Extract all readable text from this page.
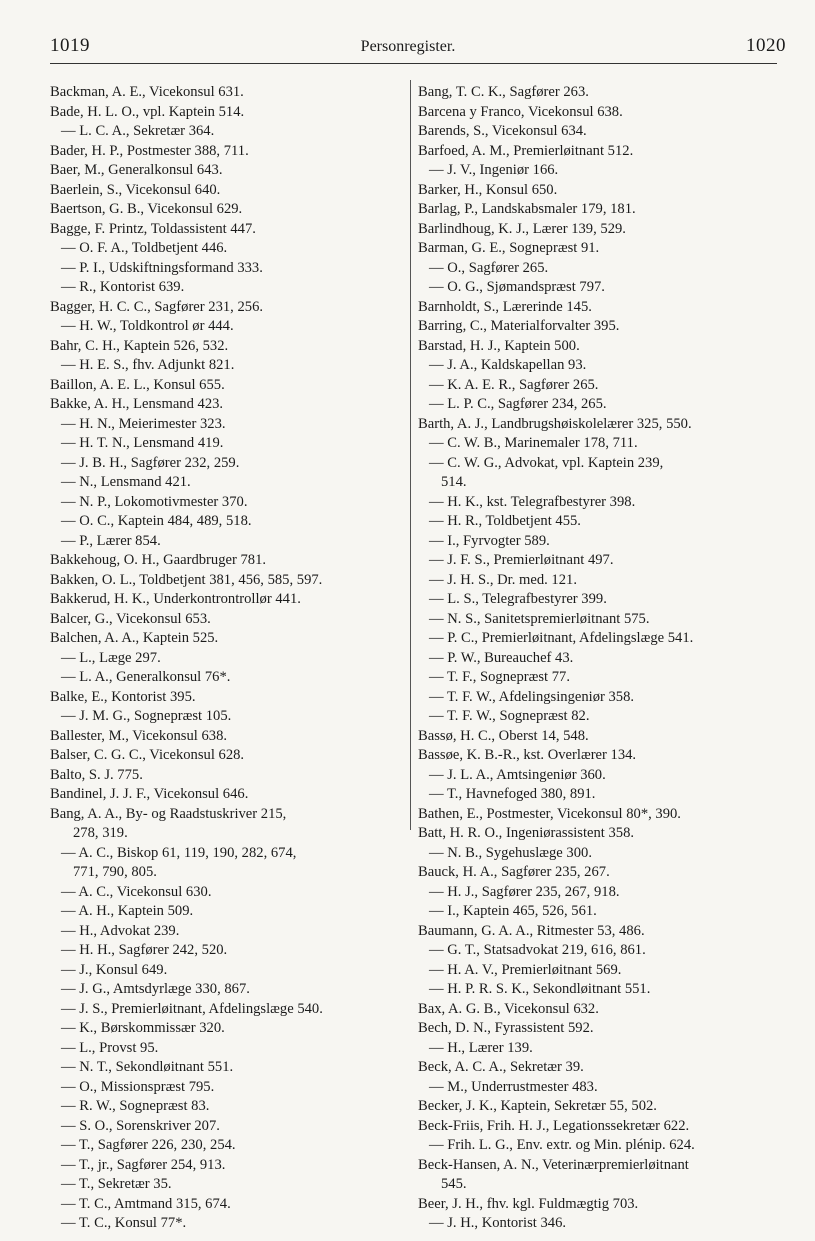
1019	Personregister.	1020
Backman, A. E., Vicekonsul 631.
Bade, H. L. O., vpl. Kaptein 514.
— L. C. A., Sekretær 364.
Bader, H. P., Postmester 388, 711.
Baer, M., Generalkonsul 643.
Baerlein, S., Vicekonsul 640.
Baertson, G. B., Vicekonsul 629.
Bagge, F. Printz, Toldassistent 447.
— O. F. A., Toldbetjent 446.
— P. I., Udskiftningsformand 333.
— R., Kontorist 639.
Bagger, H. C. C., Sagfører 231, 256.
— H. W., Toldkontrol ør 444.
Bahr, C. H., Kaptein 526, 532.
— H. E. S., fhv. Adjunkt 821.
Baillon, A. E. L., Konsul 655.
Bakke, A. H., Lensmand 423.
— H. N., Meierimester 323.
— H. T. N., Lensmand 419.
— J. B. H., Sagfører 232, 259.
— N., Lensmand 421.
— N. P., Lokomotivmester 370.
— O. C., Kaptein 484, 489, 518.
— P., Lærer 854.
Bakkehoug, O. H., Gaardbruger 781.
Bakken, O. L., Toldbetjent 381, 456, 585, 597.
Bakkerud, H. K., Underkontrontrollør 441.
Balcer, G., Vicekonsul 653.
Balchen, A. A., Kaptein 525.
— L., Læge 297.
— L. A., Generalkonsul 76*.
Balke, E., Kontorist 395.
— J. M. G., Sognepræst 105.
Ballester, M., Vicekonsul 638.
Balser, C. G. C., Vicekonsul 628.
Balto, S. J. 775.
Bandinel, J. J. F., Vicekonsul 646.
Bang, A. A., By- og Raadstuskriver 215,
278, 319.
— A. C., Biskop 61, 119, 190, 282, 674,
771, 790, 805.
— A. C., Vicekonsul 630.
— A. H., Kaptein 509.
— H., Advokat 239.
— H. H., Sagfører 242, 520.
— J., Konsul 649.
— J. G., Amtsdyrlæge 330, 867.
— J. S., Premierløitnant, Afdelingslæge 540.
— K., Børskommissær 320.
— L., Provst 95.
— N. T., Sekondløitnant 551.
— O., Missionspræst 795.
— R. W., Sognepræst 83.
— S. O., Sorenskriver 207.
— T., Sagfører 226, 230, 254.
— T., jr., Sagfører 254, 913.
— T., Sekretær 35.
— T. C., Amtmand 315, 674.
— T. C., Konsul 77*.
Bang, T. C. K., Sagfører 263.
Barcena y Franco, Vicekonsul 638.
Barends, S., Vicekonsul 634.
Barfoed, A. M., Premierløitnant 512.
— J. V., Ingeniør 166.
Barker, H., Konsul 650.
Barlag, P., Landskabsmaler 179, 181.
Barlindhoug, K. J., Lærer 139, 529.
Barman, G. E., Sognepræst 91.
— O., Sagfører 265.
— O. G., Sjømandspræst 797.
Barnholdt, S., Lærerinde 145.
Barring, C., Materialforvalter 395.
Barstad, H. J., Kaptein 500.
— J. A., Kaldskapellan 93.
— K. A. E. R., Sagfører 265.
— L. P. C., Sagfører 234, 265.
Barth, A. J., Landbrugshøiskolelærer 325, 550.
— C. W. B., Marinemaler 178, 711.
— C. W. G., Advokat, vpl. Kaptein 239,
514.
— H. K., kst. Telegrafbestyrer 398.
— H. R., Toldbetjent 455.
— I., Fyrvogter 589.
— J. F. S., Premierløitnant 497.
— J. H. S., Dr. med. 121.
— L. S., Telegrafbestyrer 399.
— N. S., Sanitetspremierløitnant 575.
— P. C., Premierløitnant, Afdelingslæge 541.
— P. W., Bureauchef 43.
— T. F., Sognepræst 77.
— T. F. W., Afdelingsingeniør 358.
— T. F. W., Sognepræst 82.
Bassø, H. C., Oberst 14, 548.
Bassøe, K. B.-R., kst. Overlærer 134.
— J. L. A., Amtsingeniør 360.
— T., Havnefoged 380, 891.
Bathen, E., Postmester, Vicekonsul 80*, 390.
Batt, H. R. O., Ingeniørassistent 358.
— N. B., Sygehuslæge 300.
Bauck, H. A., Sagfører 235, 267.
— H. J., Sagfører 235, 267, 918.
— I., Kaptein 465, 526, 561.
Baumann, G. A. A., Ritmester 53, 486.
— G. T., Statsadvokat 219, 616, 861.
— H. A. V., Premierløitnant 569.
— H. P. R. S. K., Sekondløitnant 551.
Bax, A. G. B., Vicekonsul 632.
Bech, D. N., Fyrassistent 592.
— H., Lærer 139.
Beck, A. C. A., Sekretær 39.
— M., Underrustmester 483.
Becker, J. K., Kaptein, Sekretær 55, 502.
Beck-Friis, Frih. H. J., Legationssekretær 622.
— Frih. L. G., Env. extr. og Min. plénip. 624.
Beck-Hansen, A. N., Veterinærpremierløitnant
545.
Beer, J. H., fhv. kgl. Fuldmægtig 703.
— J. H., Kontorist 346.
